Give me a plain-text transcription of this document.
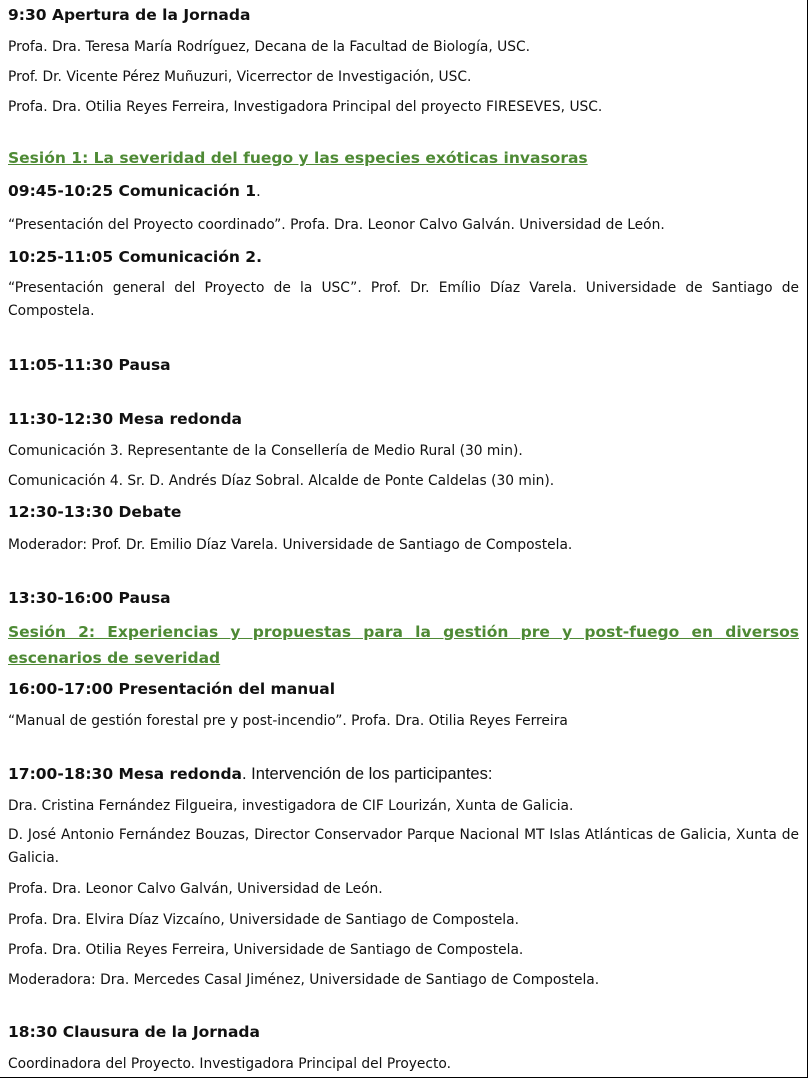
9:30 Apertura de la Jornada
Profa. Dra. Teresa María Rodríguez, Decana de la Facultad de Biología, USC.
Prof. Dr. Vicente Pérez Muñuzuri, Vicerrector de Investigación, USC.
Profa. Dra. Otilia Reyes Ferreira, Investigadora Principal del proyecto FIRESEVES, USC.
Sesión 1: La severidad del fuego y las especies exóticas invasoras
09:45-10:25 Comunicación 1.
“Presentación del Proyecto coordinado”. Profa. Dra. Leonor Calvo Galván. Universidad de León.
10:25-11:05 Comunicación 2.
“Presentación general del Proyecto de la USC”. Prof. Dr. Emílio Díaz Varela. Universidade de Santiago de Compostela.
11:05-11:30 Pausa
11:30-12:30 Mesa redonda
Comunicación 3. Representante de la Consellería de Medio Rural (30 min).
Comunicación 4. Sr. D. Andrés Díaz Sobral. Alcalde de Ponte Caldelas (30 min).
12:30-13:30 Debate
Moderador: Prof. Dr. Emilio Díaz Varela. Universidade de Santiago de Compostela.
13:30-16:00 Pausa
Sesión 2: Experiencias y propuestas para la gestión pre y post-fuego en diversos escenarios de severidad
16:00-17:00 Presentación del manual
“Manual de gestión forestal pre y post-incendio”. Profa. Dra. Otilia Reyes Ferreira
17:00-18:30 Mesa redonda. Intervención de los participantes:
Dra. Cristina Fernández Filgueira, investigadora de CIF Lourizán, Xunta de Galicia.
D. José Antonio Fernández Bouzas, Director Conservador Parque Nacional MT Islas Atlánticas de Galicia, Xunta de Galicia.
Profa. Dra. Leonor Calvo Galván, Universidad de León.
Profa. Dra. Elvira Díaz Vizcaíno, Universidade de Santiago de Compostela.
Profa. Dra. Otilia Reyes Ferreira, Universidade de Santiago de Compostela.
Moderadora: Dra. Mercedes Casal Jiménez, Universidade de Santiago de Compostela.
18:30 Clausura de la Jornada
Coordinadora del Proyecto. Investigadora Principal del Proyecto.
